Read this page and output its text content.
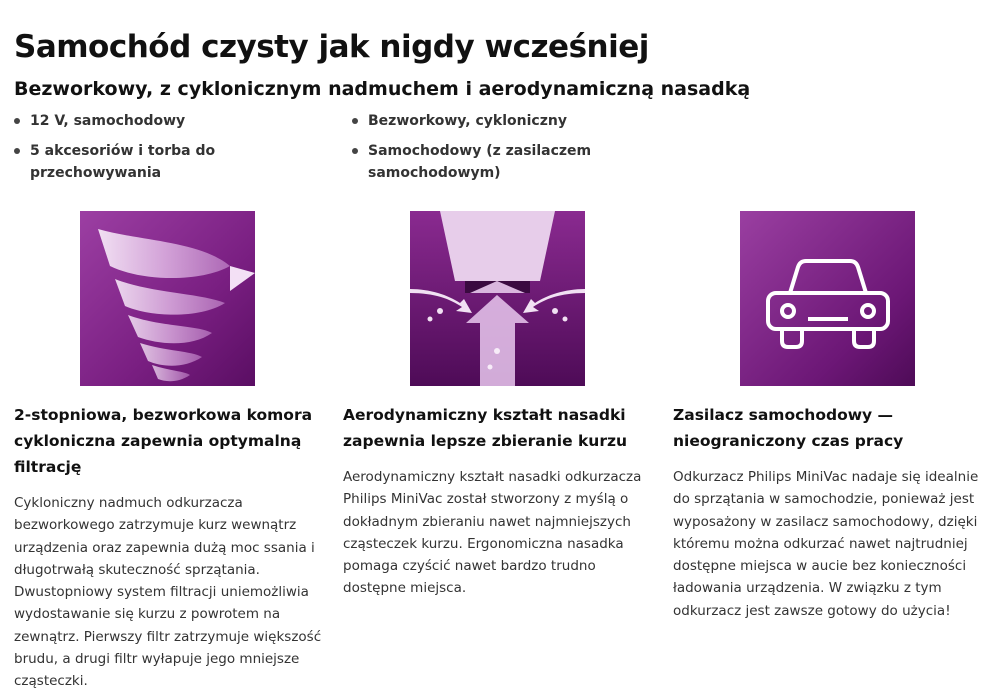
Samochód czysty jak nigdy wcześniej
Bezworkowy, z cyklonicznym nadmuchem i aerodynamiczną nasadką
12 V, samochodowy
5 akcesoriów i torba do przechowywania
Bezworkowy, cykloniczny
Samochodowy (z zasilaczem samochodowym)
2-stopniowa, bezworkowa komora cykloniczna zapewnia optymalną filtrację

Cykloniczny nadmuch odkurzacza bezworkowego zatrzymuje kurz wewnątrz urządzenia oraz zapewnia dużą moc ssania i długotrwałą skuteczność sprzątania. Dwustopniowy system filtracji uniemożliwia wydostawanie się kurzu z powrotem na zewnątrz. Pierwszy filtr zatrzymuje większość brudu, a drugi filtr wyłapuje jego mniejsze cząsteczki.

Aerodynamiczny kształt nasadki zapewnia lepsze zbieranie kurzu

Aerodynamiczny kształt nasadki odkurzacza Philips MiniVac został stworzony z myślą o dokładnym zbieraniu nawet najmniejszych cząsteczek kurzu. Ergonomiczna nasadka pomaga czyścić nawet bardzo trudno dostępne miejsca.

Zasilacz samochodowy — nieograniczony czas pracy

Odkurzacz Philips MiniVac nadaje się idealnie do sprzątania w samochodzie, ponieważ jest wyposażony w zasilacz samochodowy, dzięki któremu można odkurzać nawet najtrudniej dostępne miejsca w aucie bez konieczności ładowania urządzenia. W związku z tym odkurzacz jest zawsze gotowy do użycia!
